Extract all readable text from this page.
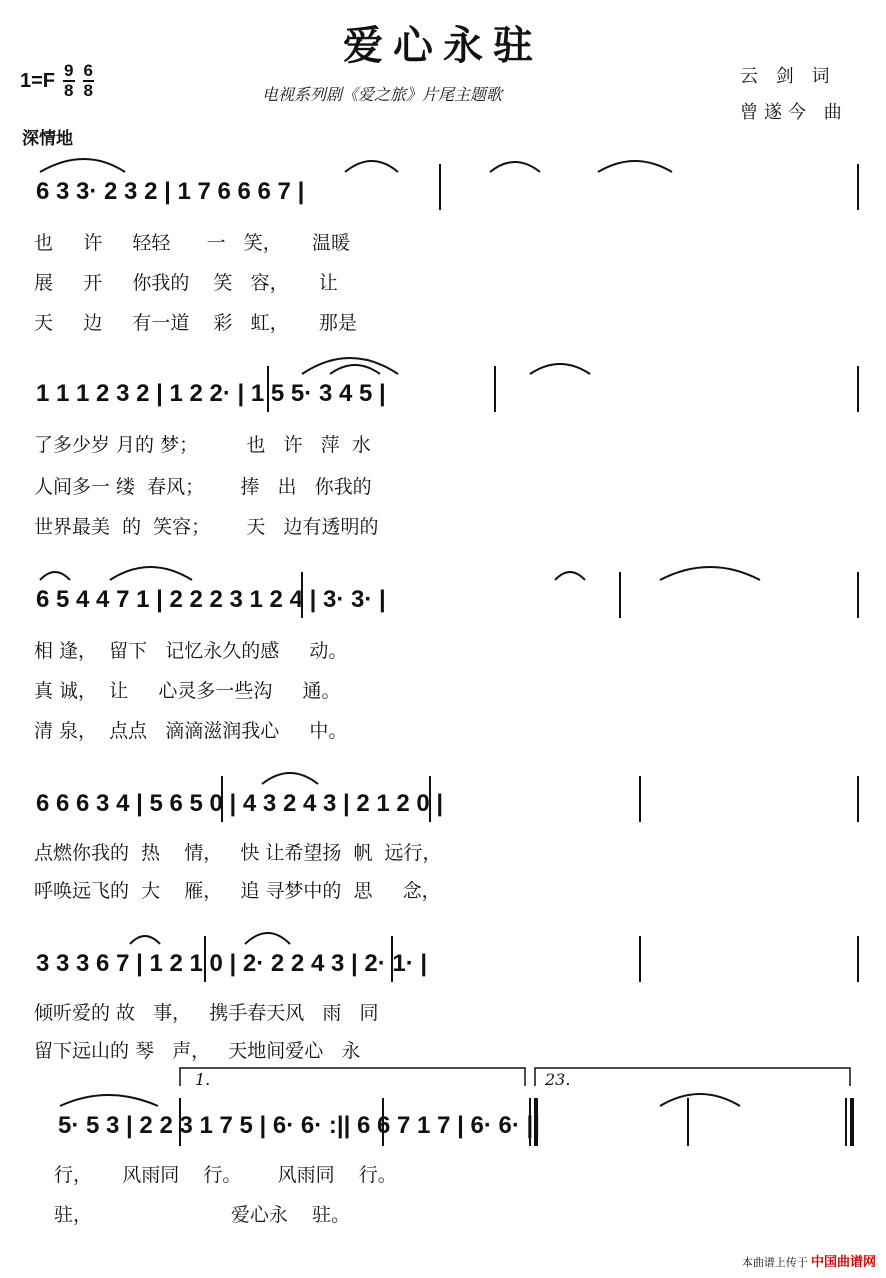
爱心永驻
$1=F \frac{9}{8} \frac{6}{8}$	电视系列剧《爱之旅》片尾主题歌
云 剑 词
曾遂今 曲
深情地
6 3 3· 2 3 2 | 1 7 6 6 6 7 |
也     许     轻轻      一   笑，     温暖
展     开     你我的    笑   容，     让
天     边     有一道    彩   虹，     那是
1 1 1 2 3 2 | 1 2 2· | 1 5 5· 3 4 5 |
了多少岁 月的 梦；        也   许   萍  水
人间多一 缕  春风；      捧   出   你我的
世界最美  的  笑容；      天   边有透明的
6 5 4 4 7 1 | 2 2 2 3 1 2 4 | 3· 3· |
相 逢，  留下   记忆永久的感     动。
真 诚，  让     心灵多一些沟     通。
清 泉，  点点   滴滴滋润我心     中。
6 6 6 3 4 | 5 6 5 0 | 4 3 2 4 3 | 2 1 2 0 |
点燃你我的  热    情，   快 让希望扬  帆  远行，
呼唤远飞的  大    雁，   追 寻梦中的  思     念，
3 3 3 6 7 | 1 2 1 0 | 2· 2 2 4 3 | 2· 1· |
倾听爱的 故   事，   携手春天风   雨   同
留下远山的 琴   声，   天地间爱心   永
1.	23.
5· 5 3 | 2 2 3 1 7 5 | 6· 6· :|| 6 6 7 1 7 | 6· 6· ||
行，     风雨同    行。      风雨同    行。
驻，                       爱心永    驻。
本曲谱上传于 中国曲谱网
